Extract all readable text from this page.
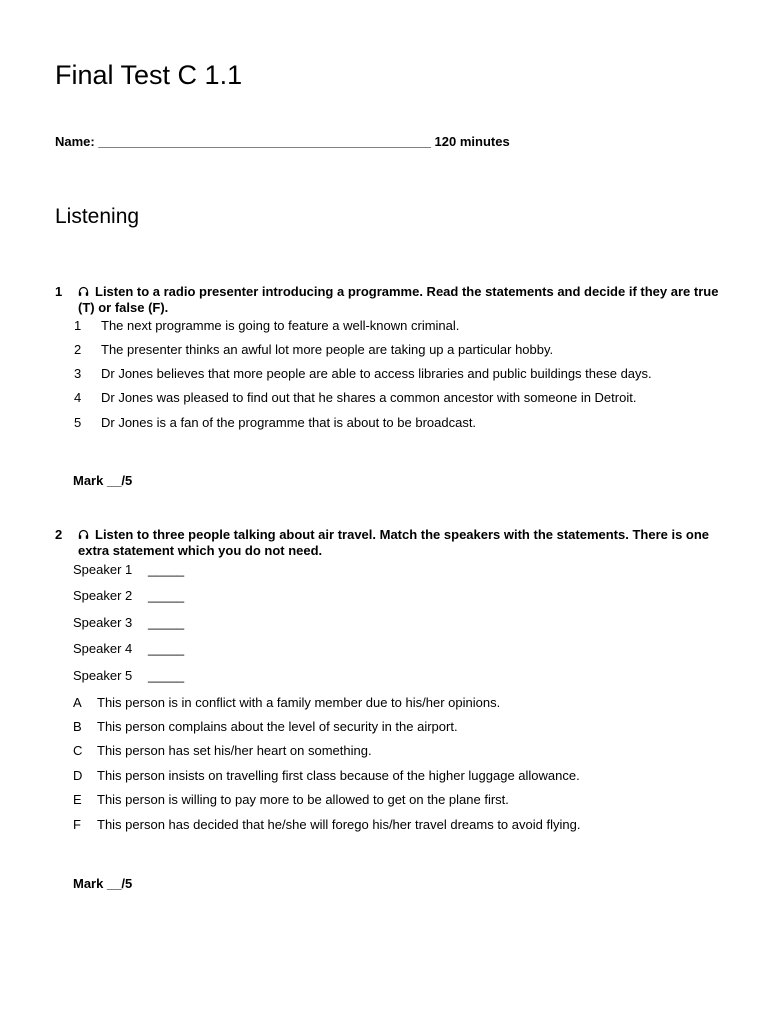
Final Test C 1.1
Name: ______________________________________________ 120 minutes
Listening
1	Listen to a radio presenter introducing a programme. Read the statements and decide if they are true (T) or false (F).
1 The next programme is going to feature a well-known criminal.
2 The presenter thinks an awful lot more people are taking up a particular hobby.
3 Dr Jones believes that more people are able to access libraries and public buildings these days.
4 Dr Jones was pleased to find out that he shares a common ancestor with someone in Detroit.
5 Dr Jones is a fan of the programme that is about to be broadcast.
Mark __/5
2	Listen to three people talking about air travel. Match the speakers with the statements. There is one extra statement which you do not need.
Speaker 1 _____
Speaker 2 _____
Speaker 3 _____
Speaker 4 _____
Speaker 5 _____
A This person is in conflict with a family member due to his/her opinions.
B This person complains about the level of security in the airport.
C This person has set his/her heart on something.
D This person insists on travelling first class because of the higher luggage allowance.
E This person is willing to pay more to be allowed to get on the plane first.
F This person has decided that he/she will forego his/her travel dreams to avoid flying.
Mark __/5
